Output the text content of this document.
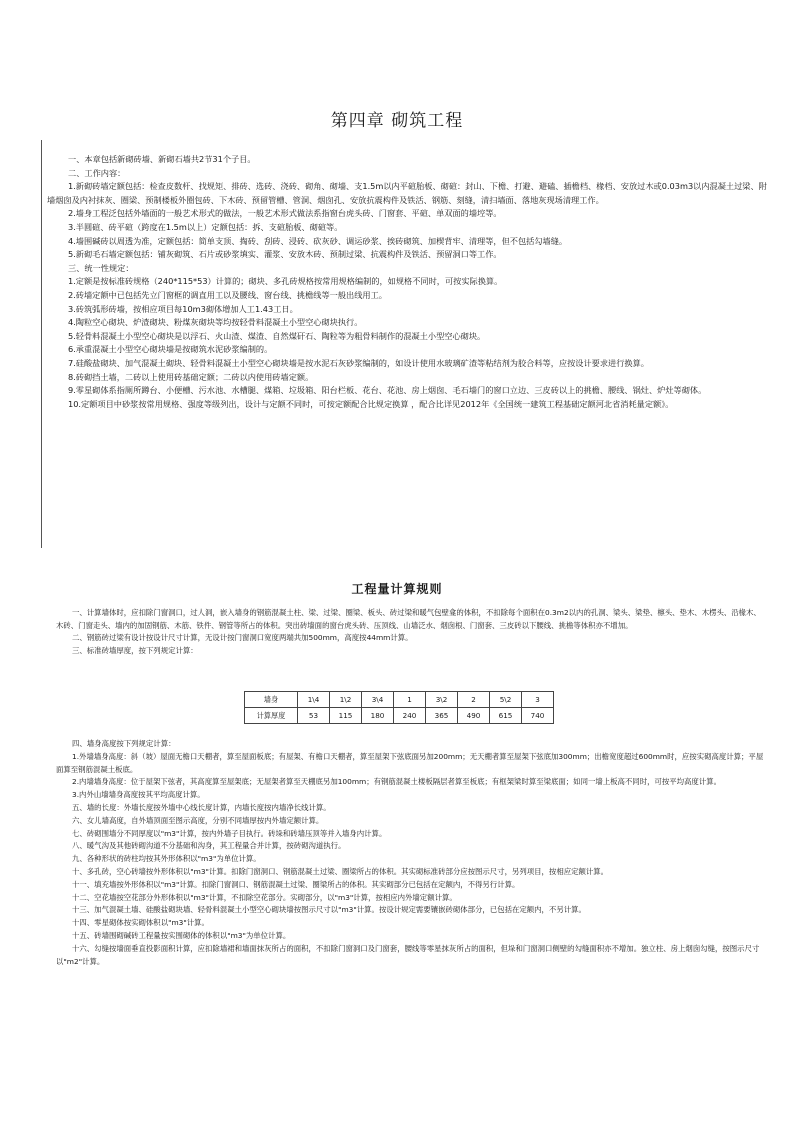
第四章 砌筑工程

一、本章包括新砌砖墙、新砌石墙共2节31个子目。

二、工作内容：

1.新砌砖墙定额包括：检查皮数杆、找规矩、排砖、选砖、浇砖、砌角、砌墙、支1.5m以内平碹胎板、砌碹：封山、下檐、打避、避磕、插檐档、椽档、安放过木或0.03m3以内混凝土过梁、附墙烟囱及内衬抹灰、圈梁、预制楼板外圈包砖、下木砖、预留管槽、管洞、烟囱孔、安放抗震构件及铁活、钢筋、刻缝，清扫墙面、落地灰现场清理工作。

2.墙身工程泛包括外墙面的一般艺术形式的做法，一般艺术形式做法系指窗台虎头砖、门窗套、平碹、单双面的墙埪等。

3.半圆碹、砖平碹（跨度在1.5m以上）定额包括：拆、支碹胎板、砌碹等。

4.墙围碱砖以周透为准，定额包括：简单支顶、掏砖、刮砖、浸砖、砍灰砂、调运砂浆、挨砖砌筑、加楔背牢、清理等，但不包括勾墙缝。

5.新砌毛石墙定额包括：铺灰砌筑、石片或砂浆填实、灌浆、安放木砖、预制过梁、抗震构件及铁活、预留洞口等工作。

三、统一性规定：

1.定额是按标准砖规格（240*115*53）计算的；砌块、多孔砖规格按常用规格编制的，如规格不同时，可按实际换算。

2.砖墙定额中已包括先立门窗框的调直用工以及腰线、窗台线、挑檐线等一般出线用工。

3.砖筑弧形砖墙，按相应项目每10m3砌体增加人工1.43工日。

4.陶粒空心砌块、炉渣砌块、粉煤灰砌块等均按轻骨料混凝土小型空心砌块执行。

5.轻骨料混凝土小型空心砌块是以浮石、火山渣、煤渣、自然煤矸石、陶粒等为粗骨料制作的混凝土小型空心砌块。

6.承重混凝土小型空心砌块墙是按砌筑水泥砂浆编制的。

7.硅酸盐砌块、加气混凝土砌块、轻骨料混凝土小型空心砌块墙是按水泥石灰砂浆编制的，如设计使用水玻璃矿渣等粘结剂为胶合料等，应按设计要求进行换算。

8.砖砌挡土墙，二砖以上使用砖基础定额；二砖以内使用砖墙定额。

9.零星砌体系指厕所蹲台、小便槽、污水池、水槽腿、煤箱、垃圾箱、阳台栏板、花台、花池、房上烟囱、毛石墙门的窗口立边、三皮砖以上的挑檐、腰线、锅灶、炉灶等砌体。

10.定额项目中砂浆按常用规格、强度等级列出，设计与定额不同时，可按定额配合比规定换算 ，配合比详见2012年《全国统一建筑工程基础定额河北省消耗量定额》。

工程量计算规则

一、计算墙体时，应扣除门窗洞口，过人洞，嵌入墙身的钢筋混凝土柱、梁、过梁、圈梁、板头、砖过梁和暖气包壁龛的体积，不扣除每个面积在0.3m2以内的孔洞、梁头、梁垫、檩头、垫木、木楞头、沿椽木、木砖、门窗走头、墙内的加固钢筋、木筋、铁件、钢管等所占的体积。突出砖墙面的窗台虎头砖、压顶线、山墙泛水、烟囱根、门窗套、三皮砖以下腰线、挑檐等体积亦不增加。

二、钢筋砖过梁有设计按设计尺寸计算，无设计按门窗洞口宽度两端共加500mm，高度按44mm计算。

三、标准砖墙厚度，按下列规定计算：

墙身	1\4	1\2	3\4	1	3\2	2	5\2	3
计算厚度	53	115	180	240	365	490	615	740

四、墙身高度按下列规定计算：

1.外墙墙身高度：斜（坡）屋面无檐口天棚者，算至屋面板底；有屋架、有檐口天棚者，算至屋架下弦底面另加200mm；无天棚者算至屋架下弦底加300mm；出檐宽度超过600mm时，应按实砌高度计算；平屋面算至钢筋混凝土板底。

2.内墙墙身高度：位于屋架下弦者，其高度算至屋架底；无屋架者算至天棚底另加100mm；有钢筋混凝土楼板隔层者算至板底；有框架梁时算至梁底面；如同一墙上板高不同时，可按平均高度计算。

3.内外山墙墙身高度按其平均高度计算。

五、墙的长度：外墙长度按外墙中心线长度计算，内墙长度按内墙净长线计算。

六、女儿墙高度，自外墙顶面至图示高度，分别不同墙厚按内外墙定额计算。

七、砖砌围墙分不同厚度以"m3"计算，按内外墙子目执行。砖垛和砖墙压顶等并入墙身内计算。

八、暖气沟及其他砖砌沟道不分基础和沟身，其工程量合并计算，按砖砌沟道执行。

九、各种形状的砖柱均按其外形体积以"m3"为单位计算。

十、多孔砖，空心砖墙按外形体积以"m3"计算。扣除门窗洞口、钢筋混凝土过梁、圈梁所占的体积。其实砌标准砖部分应按图示尺寸，另列项目，按相应定额计算。

十一、填充墙按外形体积以"m3"计算。扣除门窗洞口、钢筋混凝土过梁、圈梁所占的体积。其实砌部分已包括在定额内，不得另行计算。

十二、空花墙按空花部分外形体积以"m3"计算，不扣除空花部分。实砌部分，以"m3"计算，按相应内外墙定额计算。

十三、加气混凝土墙、硅酸盐砌块墙、轻骨料混凝土小型空心砌块墙按图示尺寸以"m3"计算。按设计规定需要镶嵌砖砌体部分，已包括在定额内，不另计算。

十四、零星砌体按实砌体积以"m3"计算。

十五、砖墙围砌碱砖工程量按实围砌体的体积以"m3"为单位计算。

十六、勾缝按墙面垂直投影面积计算，应扣除墙裙和墙面抹灰所占的面积，不扣除门窗洞口及门窗套，腰线等零星抹灰所占的面积，但垛和门窗洞口侧壁的勾缝面积亦不增加。独立柱、房上烟囱勾缝，按图示尺寸以"m2"计算。
